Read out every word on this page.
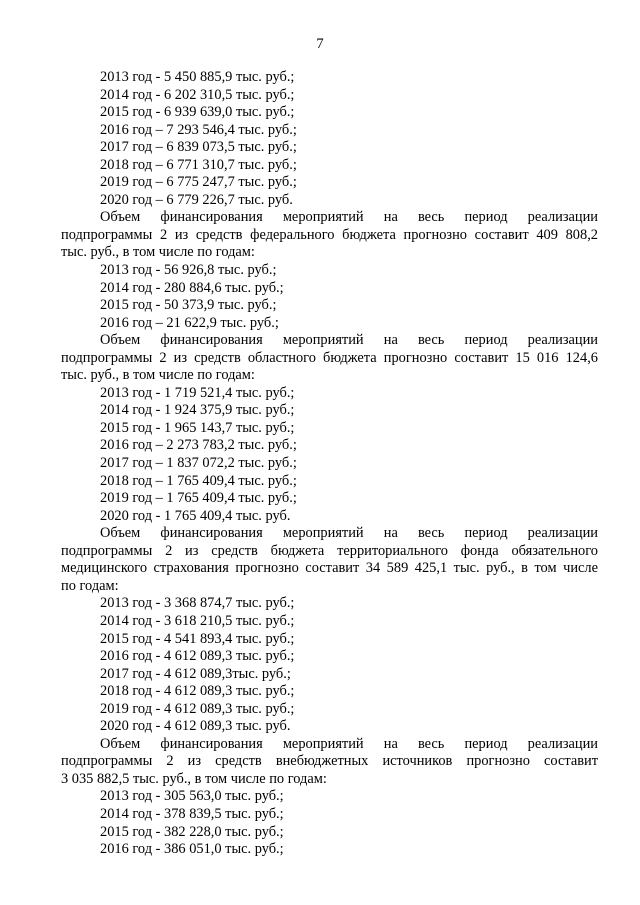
7
2013 год - 5 450 885,9 тыс. руб.;
2014 год - 6 202 310,5 тыс. руб.;
2015 год - 6 939 639,0 тыс. руб.;
2016 год – 7 293 546,4 тыс. руб.;
2017 год – 6 839 073,5 тыс. руб.;
2018 год – 6 771 310,7 тыс. руб.;
2019 год – 6 775 247,7 тыс. руб.;
2020 год – 6 779 226,7 тыс. руб.
Объем финансирования мероприятий на весь период реализации
подпрограммы 2 из средств федерального бюджета прогнозно составит 409 808,2
тыс. руб., в том числе по годам:
2013 год - 56 926,8 тыс. руб.;
2014 год - 280 884,6 тыс. руб.;
2015 год - 50 373,9 тыс. руб.;
2016 год – 21 622,9 тыс. руб.;
Объем финансирования мероприятий на весь период реализации
подпрограммы 2 из средств областного бюджета прогнозно составит 15 016 124,6
тыс. руб., в том числе по годам:
2013 год - 1 719 521,4 тыс. руб.;
2014 год - 1 924 375,9 тыс. руб.;
2015 год - 1 965 143,7 тыс. руб.;
2016 год – 2 273 783,2 тыс. руб.;
2017 год – 1 837 072,2 тыс. руб.;
2018 год – 1 765 409,4 тыс. руб.;
2019 год – 1 765 409,4 тыс. руб.;
2020 год - 1 765 409,4 тыс. руб.
Объем финансирования мероприятий на весь период реализации
подпрограммы 2 из средств бюджета территориального фонда обязательного
медицинского страхования прогнозно составит 34 589 425,1 тыс. руб., в том числе
по годам:
2013 год - 3 368 874,7 тыс. руб.;
2014 год - 3 618 210,5 тыс. руб.;
2015 год - 4 541 893,4 тыс. руб.;
2016 год - 4 612 089,3 тыс. руб.;
2017 год - 4 612 089,3тыс. руб.;
2018 год - 4 612 089,3 тыс. руб.;
2019 год - 4 612 089,3 тыс. руб.;
2020 год - 4 612 089,3 тыс. руб.
Объем финансирования мероприятий на весь период реализации
подпрограммы 2 из средств внебюджетных источников прогнозно составит
3 035 882,5 тыс. руб., в том числе по годам:
2013 год - 305 563,0 тыс. руб.;
2014 год - 378 839,5 тыс. руб.;
2015 год - 382 228,0 тыс. руб.;
2016 год - 386 051,0 тыс. руб.;
